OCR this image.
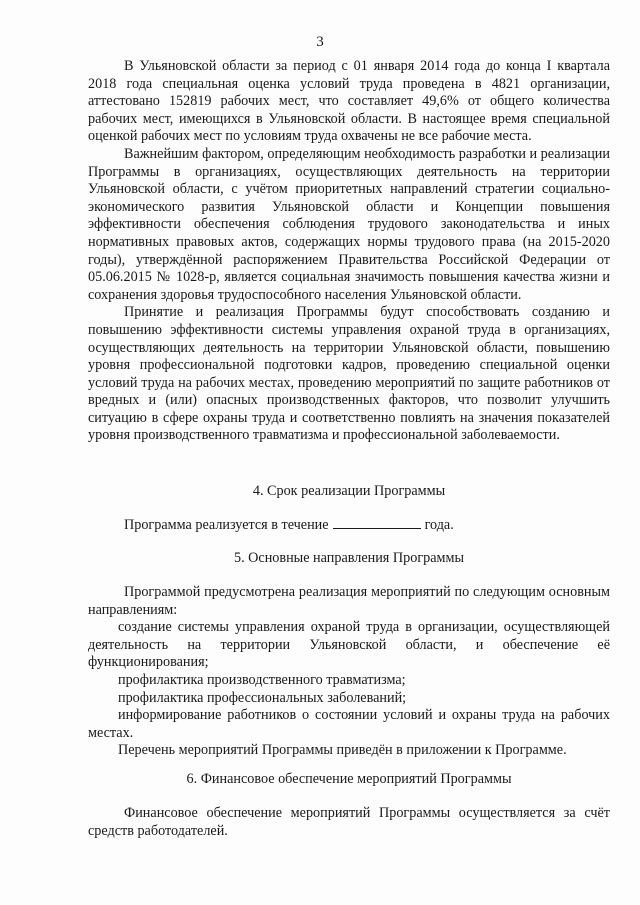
3

В Ульяновской области за период с 01 января 2014 года до конца I квартала 2018 года специальная оценка условий труда проведена в 4821 организации, аттестовано 152819 рабочих мест, что составляет 49,6% от общего количества рабочих мест, имеющихся в Ульяновской области. В настоящее время специальной оценкой рабочих мест по условиям труда охвачены не все рабочие места.

Важнейшим фактором, определяющим необходимость разработки и реализации Программы в организациях, осуществляющих деятельность на территории Ульяновской области, с учётом приоритетных направлений стратегии социально-экономического развития Ульяновской области и Концепции повышения эффективности обеспечения соблюдения трудового законодательства и иных нормативных правовых актов, содержащих нормы трудового права (на 2015-2020 годы), утверждённой распоряжением Правительства Российской Федерации от 05.06.2015 № 1028-р, является социальная значимость повышения качества жизни и сохранения здоровья трудоспособного населения Ульяновской области.

Принятие и реализация Программы будут способствовать созданию и повышению эффективности системы управления охраной труда в организациях, осуществляющих деятельность на территории Ульяновской области, повышению уровня профессиональной подготовки кадров, проведению специальной оценки условий труда на рабочих местах, проведению мероприятий по защите работников от вредных и (или) опасных производственных факторов, что позволит улучшить ситуацию в сфере охраны труда и соответственно повлиять на значения показателей уровня производственного травматизма и профессиональной заболеваемости.

4. Срок реализации Программы
Программа реализуется в течение	года.
5. Основные направления Программы

Программой предусмотрена реализация мероприятий по следующим основным направлениям:

создание системы управления охраной труда в организации, осуществляющей деятельность на территории Ульяновской области, и обеспечение её функционирования;

профилактика производственного травматизма;

профилактика профессиональных заболеваний;

информирование работников о состоянии условий и охраны труда на рабочих местах.

Перечень мероприятий Программы приведён в приложении к Программе.

6. Финансовое обеспечение мероприятий Программы

Финансовое обеспечение мероприятий Программы осуществляется за счёт средств работодателей.
